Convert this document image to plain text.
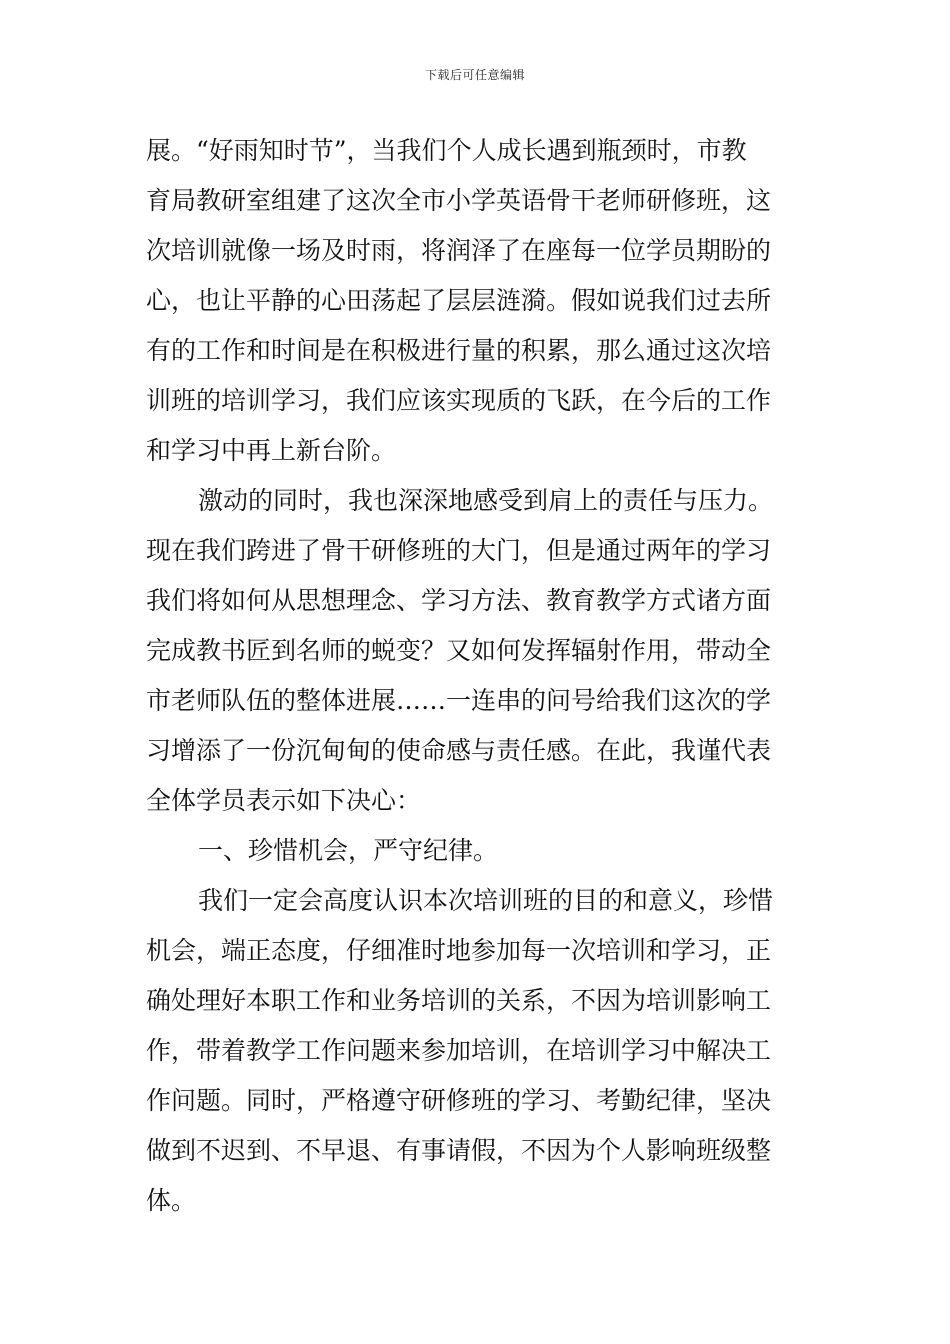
下载后可任意编辑
展。“好雨知时节”，当我们个人成长遇到瓶颈时，市教
育局教研室组建了这次全市小学英语骨干老师研修班，这
次培训就像一场及时雨，将润泽了在座每一位学员期盼的
心，也让平静的心田荡起了层层涟漪。假如说我们过去所
有的工作和时间是在积极进行量的积累，那么通过这次培
训班的培训学习，我们应该实现质的飞跃，在今后的工作
和学习中再上新台阶。
激动的同时，我也深深地感受到肩上的责任与压力。
现在我们跨进了骨干研修班的大门，但是通过两年的学习
我们将如何从思想理念、学习方法、教育教学方式诸方面
完成教书匠到名师的蜕变？又如何发挥辐射作用，带动全
市老师队伍的整体进展……一连串的问号给我们这次的学
习增添了一份沉甸甸的使命感与责任感。在此，我谨代表
全体学员表示如下决心：
一、珍惜机会，严守纪律。
我们一定会高度认识本次培训班的目的和意义，珍惜
机会，端正态度，仔细准时地参加每一次培训和学习，正
确处理好本职工作和业务培训的关系，不因为培训影响工
作，带着教学工作问题来参加培训，在培训学习中解决工
作问题。同时，严格遵守研修班的学习、考勤纪律，坚决
做到不迟到、不早退、有事请假，不因为个人影响班级整
体。
